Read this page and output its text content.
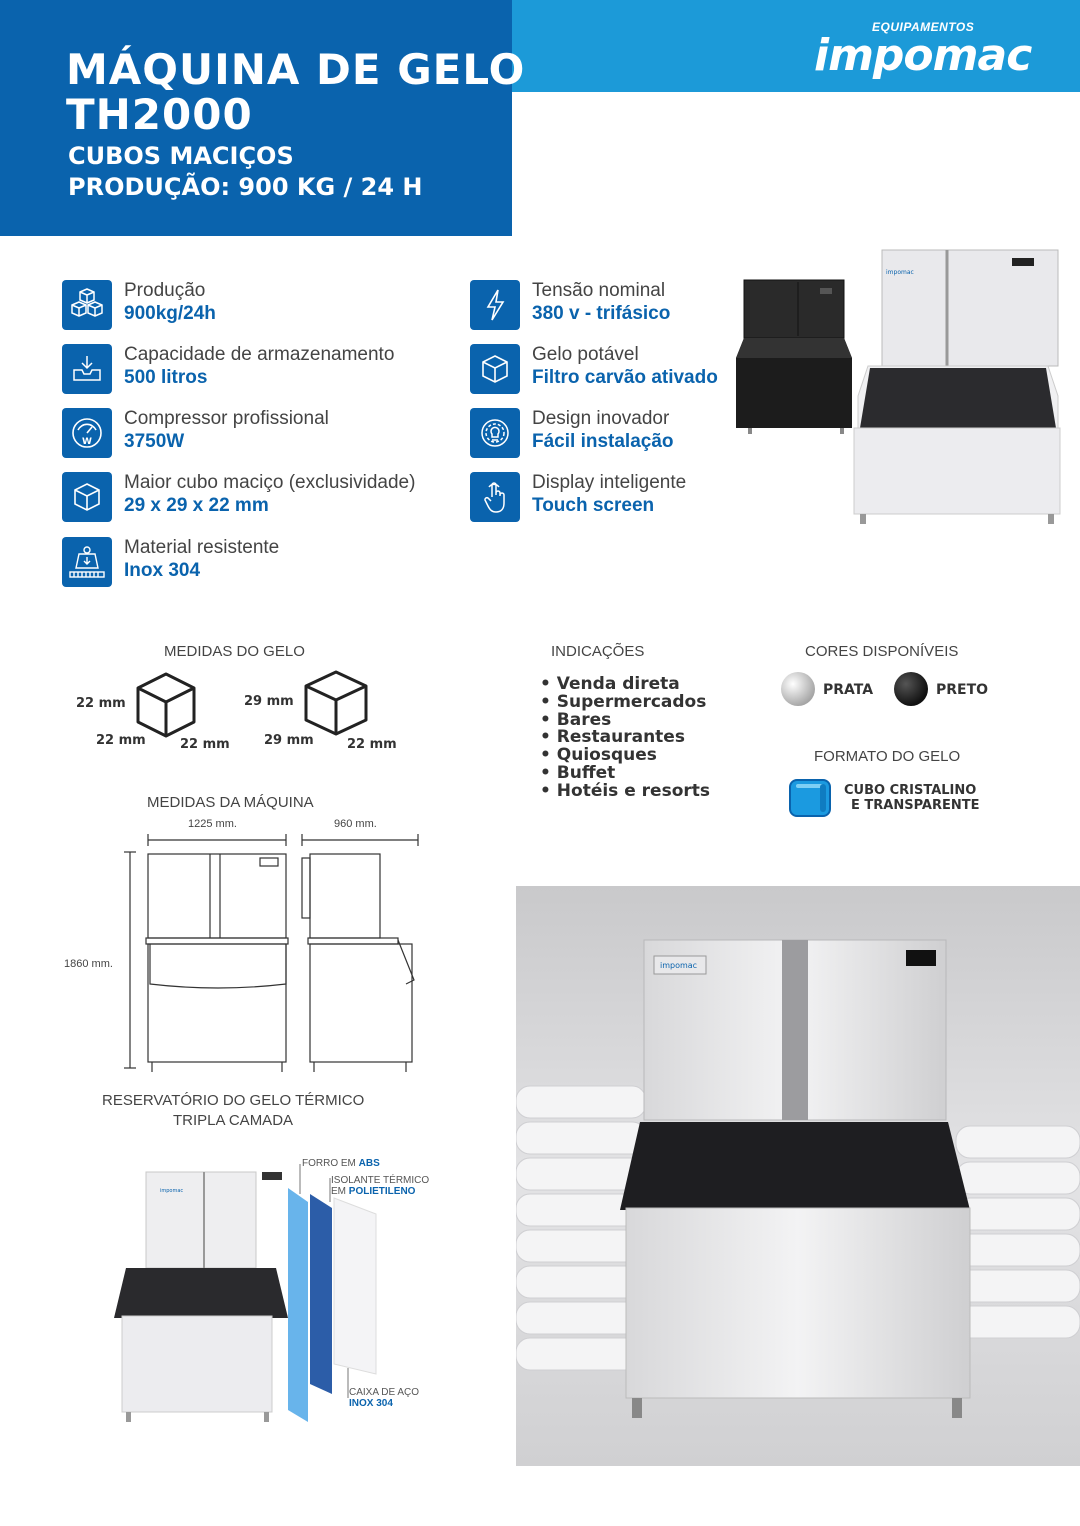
MÁQUINA DE GELO
TH2000
CUBOS MACIÇOS
PRODUÇÃO: 900 KG / 24 H
EQUIPAMENTOS
impomac
Produção
900kg/24h
Capacidade de armazenamento
500 litros
W
Compressor profissional
3750W
Maior cubo maciço (exclusividade)
29 x 29 x 22 mm
Material resistente
Inox 304
Tensão nominal
380 v - trifásico
Gelo potável
Filtro carvão ativado
Design inovador
Fácil instalação
Display inteligente
Touch screen
impomac
MEDIDAS DO GELO
22 mm
22 mm	22 mm
29 mm
29 mm	22 mm
MEDIDAS DA MÁQUINA
1225 mm.	960 mm.
1860 mm.
INDICAÇÕES
• Venda direta
• Supermercados
• Bares
• Restaurantes
• Quiosques
• Buffet
• Hotéis e resorts
CORES DISPONÍVEIS
PRATA	PRETO
FORMATO DO GELO
CUBO CRISTALINO
E TRANSPARENTE
RESERVATÓRIO DO GELO TÉRMICO
TRIPLA CAMADA
impomac
FORRO EM ABS
ISOLANTE TÉRMICO
EM POLIETILENO
CAIXA DE AÇO
INOX 304
impomac
